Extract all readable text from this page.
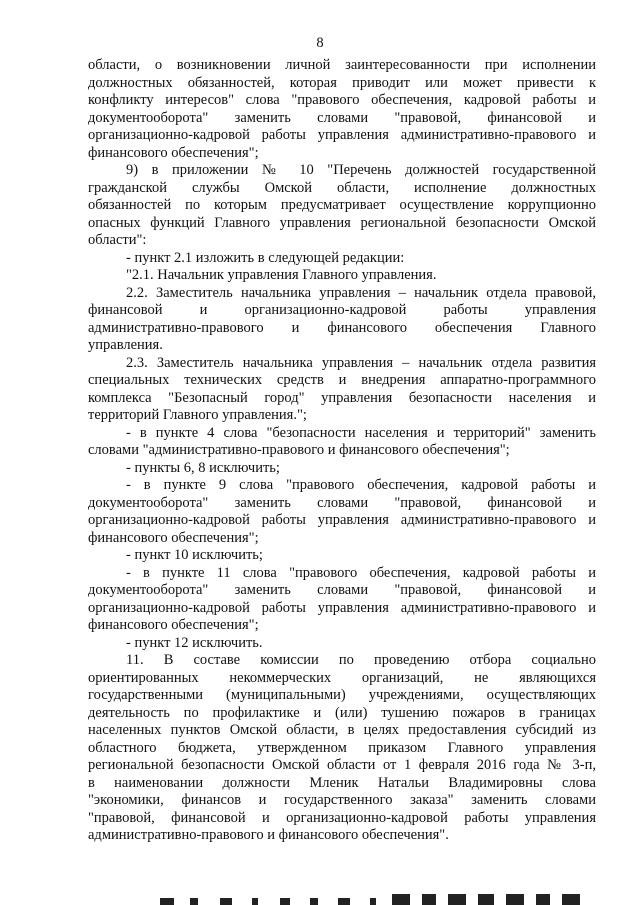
8
области, о возникновении личной заинтересованности при исполнении
должностных обязанностей, которая приводит или может привести к
конфликту интересов" слова "правового обеспечения, кадровой работы и
документооборота" заменить словами "правовой, финансовой и
организационно-кадровой работы управления административно-правового и
финансового обеспечения";
9) в приложении № 10 "Перечень должностей государственной
гражданской службы Омской области, исполнение должностных
обязанностей по которым предусматривает осуществление коррупционно
опасных функций Главного управления региональной безопасности Омской
области":
- пункт 2.1 изложить в следующей редакции:
"2.1. Начальник управления Главного управления.
2.2. Заместитель начальника управления – начальник отдела правовой,
финансовой и организационно-кадровой работы управления
административно-правового и финансового обеспечения Главного
управления.
2.3. Заместитель начальника управления – начальник отдела развития
специальных технических средств и внедрения аппаратно-программного
комплекса "Безопасный город" управления безопасности населения и
территорий Главного управления.";
- в пункте 4 слова "безопасности населения и территорий" заменить
словами "административно-правового и финансового обеспечения";
- пункты 6, 8 исключить;
- в пункте 9 слова "правового обеспечения, кадровой работы и
документооборота" заменить словами "правовой, финансовой и
организационно-кадровой работы управления административно-правового и
финансового обеспечения";
- пункт 10 исключить;
- в пункте 11 слова "правового обеспечения, кадровой работы и
документооборота" заменить словами "правовой, финансовой и
организационно-кадровой работы управления административно-правового и
финансового обеспечения";
- пункт 12 исключить.
11. В составе комиссии по проведению отбора социально
ориентированных некоммерческих организаций, не являющихся
государственными (муниципальными) учреждениями, осуществляющих
деятельность по профилактике и (или) тушению пожаров в границах
населенных пунктов Омской области, в целях предоставления субсидий из
областного бюджета, утвержденном приказом Главного управления
региональной безопасности Омской области от 1 февраля 2016 года № 3-п,
в наименовании должности Мленик Натальи Владимировны слова
"экономики, финансов и государственного заказа" заменить словами
"правовой, финансовой и организационно-кадровой работы управления
административно-правового и финансового обеспечения".
